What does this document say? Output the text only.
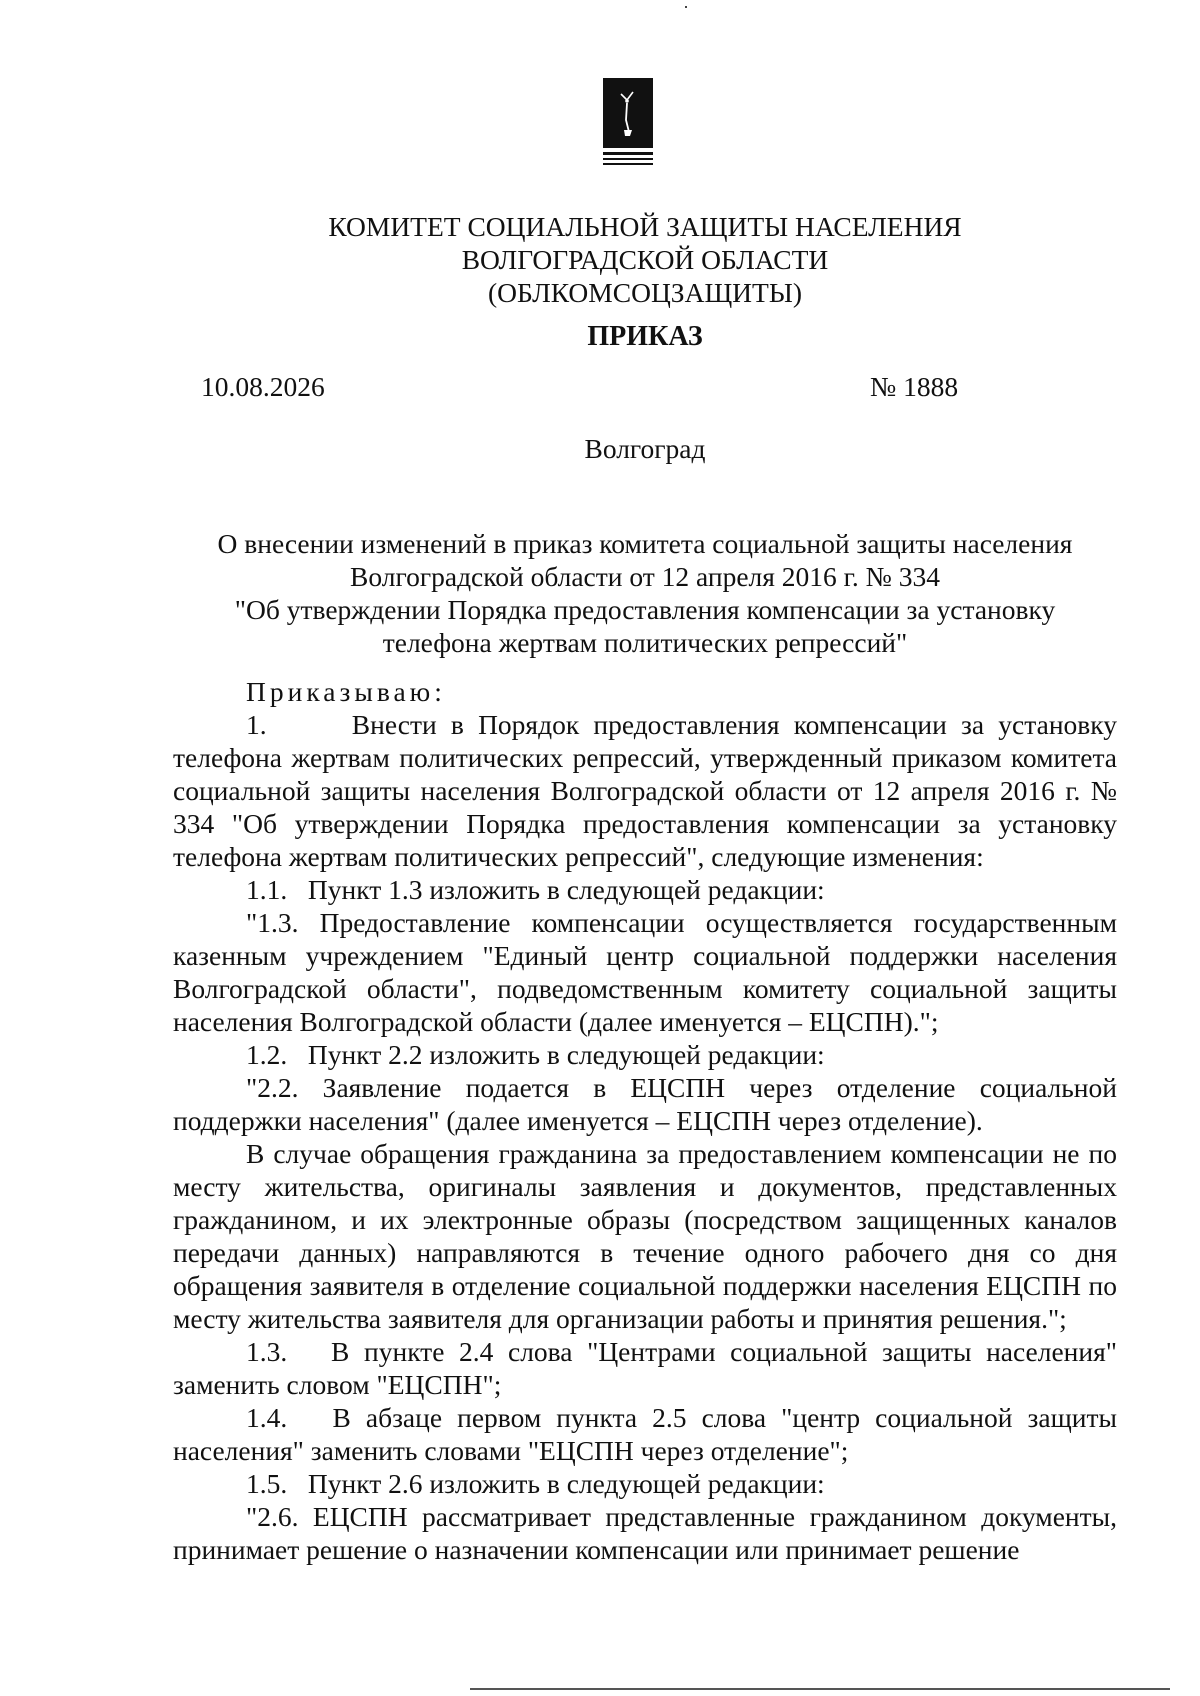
КОМИТЕТ СОЦИАЛЬНОЙ ЗАЩИТЫ НАСЕЛЕНИЯ
ВОЛГОГРАДСКОЙ ОБЛАСТИ
(ОБЛКОМСОЦЗАЩИТЫ)
ПРИКАЗ
10.08.2026	№ 1888
Волгоград
О внесении изменений в приказ комитета социальной защиты населения
Волгоградской области от 12 апреля 2016 г. № 334
"Об утверждении Порядка предоставления компенсации за установку
телефона жертвам политических репрессий"

Приказываю:

1.      Внести в Порядок предоставления компенсации за установку телефона жертвам политических репрессий, утвержденный приказом комитета социальной защиты населения Волгоградской области от 12 апреля 2016 г. № 334 "Об утверждении Порядка предоставления компенсации за установку телефона жертвам политических репрессий", следующие изменения:

1.1.   Пункт 1.3 изложить в следующей редакции:

"1.3. Предоставление компенсации осуществляется государственным казенным учреждением "Единый центр социальной поддержки населения Волгоградской области", подведомственным комитету социальной защиты населения Волгоградской области (далее именуется – ЕЦСПН).";

1.2.   Пункт 2.2 изложить в следующей редакции:

"2.2. Заявление подается в ЕЦСПН через отделение социальной поддержки населения" (далее именуется – ЕЦСПН через отделение).

В случае обращения гражданина за предоставлением компенсации не по месту жительства, оригиналы заявления и документов, представленных гражданином, и их электронные образы (посредством защищенных каналов передачи данных) направляются в течение одного рабочего дня со дня обращения заявителя в отделение социальной поддержки населения ЕЦСПН по месту жительства заявителя для организации работы и принятия решения.";

1.3.   В пункте 2.4 слова "Центрами социальной защиты населения" заменить словом "ЕЦСПН";

1.4.   В абзаце первом пункта 2.5 слова "центр социальной защиты населения" заменить словами "ЕЦСПН через отделение";

1.5.   Пункт 2.6 изложить в следующей редакции:

"2.6. ЕЦСПН рассматривает представленные гражданином документы, принимает решение о назначении компенсации или принимает решение
